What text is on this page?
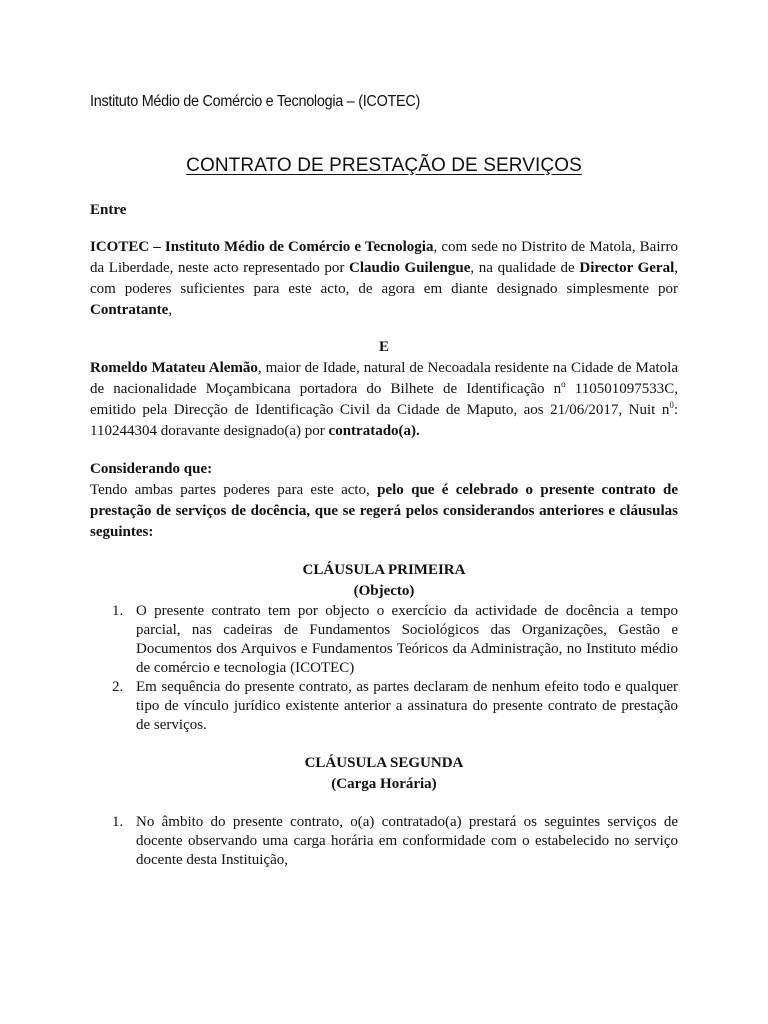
Instituto Médio de Comércio e Tecnologia – (ICOTEC)

CONTRATO DE PRESTAÇÃO DE SERVIÇOS

Entre

ICOTEC – Instituto Médio de Comércio e Tecnologia, com sede no Distrito de Matola, Bairro da Liberdade, neste acto representado por Claudio Guilengue, na qualidade de Director Geral, com poderes suficientes para este acto, de agora em diante designado simplesmente por Contratante,

E

Romeldo Matateu Alemão, maior de Idade, natural de Necoadala residente na Cidade de Matola de nacionalidade Moçambicana portadora do Bilhete de Identificação $n^o$ 110501097533C, emitido pela Direcção de Identificação Civil da Cidade de Maputo, aos 21/06/2017, Nuit $n^0$: 110244304 doravante designado(a) por contratado(a).

Considerando que:

Tendo ambas partes poderes para este acto, pelo que é celebrado o presente contrato de prestação de serviços de docência, que se regerá pelos considerandos anteriores e cláusulas seguintes:

CLÁUSULA PRIMEIRA

(Objecto)

1. O presente contrato tem por objecto o exercício da actividade de docência a tempo parcial, nas cadeiras de Fundamentos Sociológicos das Organizações, Gestão e Documentos dos Arquivos e Fundamentos Teóricos da Administração, no Instituto médio de comércio e tecnologia (ICOTEC)
2. Em sequência do presente contrato, as partes declaram de nenhum efeito todo e qualquer tipo de vínculo jurídico existente anterior a assinatura do presente contrato de prestação de serviços.

CLÁUSULA SEGUNDA

(Carga Horária)

1. No âmbito do presente contrato, o(a) contratado(a) prestará os seguintes serviços de docente observando uma carga horária em conformidade com o estabelecido no serviço docente desta Instituição,
